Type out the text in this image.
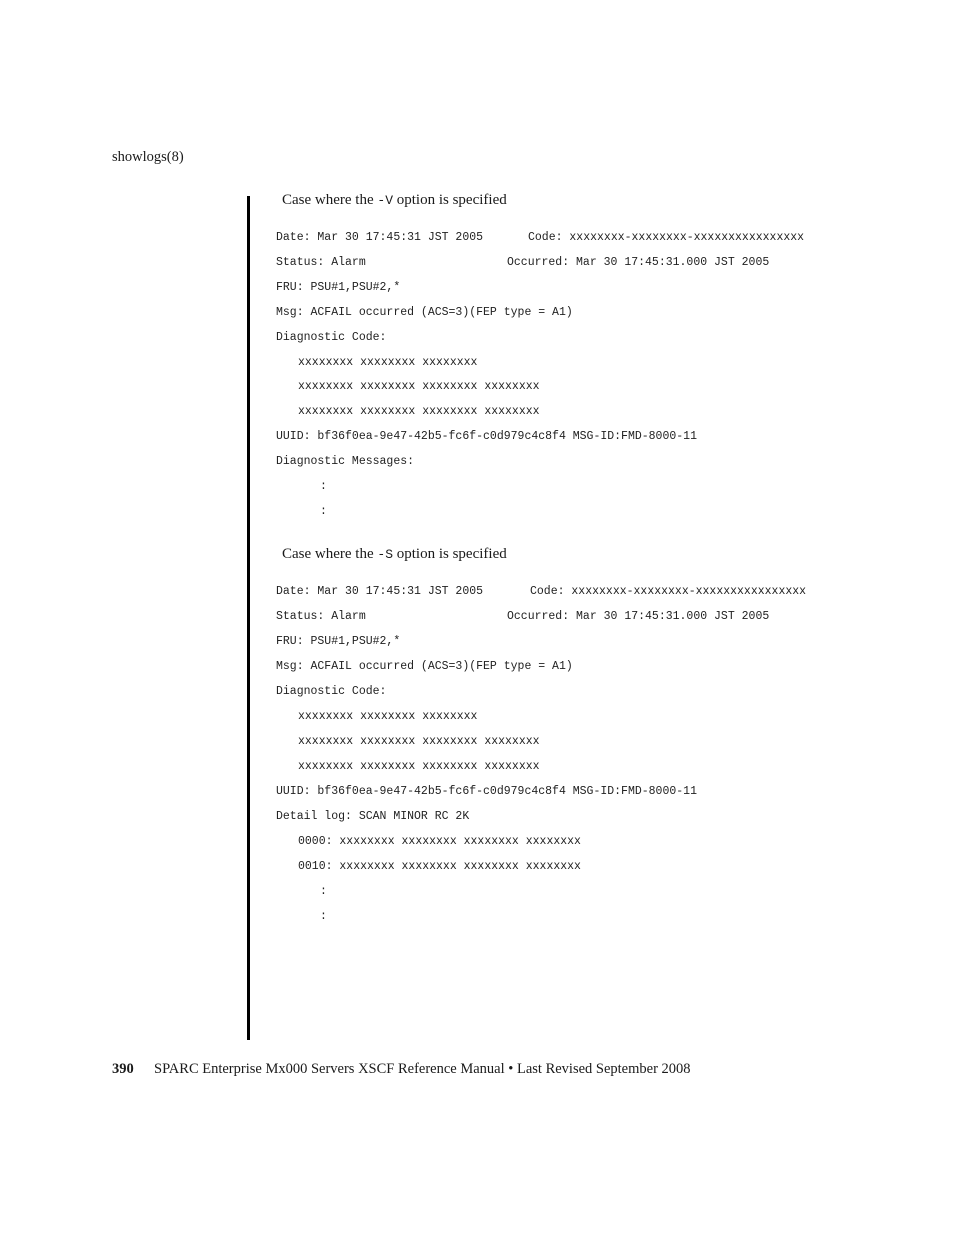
showlogs(8)
Case where the -V option is specified
Date: Mar 30 17:45:31 JST 2005	Code: xxxxxxxx-xxxxxxxx-xxxxxxxxxxxxxxxx
Status: Alarm	Occurred: Mar 30 17:45:31.000 JST 2005
FRU: PSU#1,PSU#2,*
Msg: ACFAIL occurred (ACS=3)(FEP type = A1)
Diagnostic Code:
xxxxxxxx xxxxxxxx xxxxxxxx
xxxxxxxx xxxxxxxx xxxxxxxx xxxxxxxx
xxxxxxxx xxxxxxxx xxxxxxxx xxxxxxxx
UUID: bf36f0ea-9e47-42b5-fc6f-c0d979c4c8f4 MSG-ID:FMD-8000-11
Diagnostic Messages:
:
:
Case where the -S option is specified
Date: Mar 30 17:45:31 JST 2005	Code: xxxxxxxx-xxxxxxxx-xxxxxxxxxxxxxxxx
Status: Alarm	Occurred: Mar 30 17:45:31.000 JST 2005
FRU: PSU#1,PSU#2,*
Msg: ACFAIL occurred (ACS=3)(FEP type = A1)
Diagnostic Code:
xxxxxxxx xxxxxxxx xxxxxxxx
xxxxxxxx xxxxxxxx xxxxxxxx xxxxxxxx
xxxxxxxx xxxxxxxx xxxxxxxx xxxxxxxx
UUID: bf36f0ea-9e47-42b5-fc6f-c0d979c4c8f4 MSG-ID:FMD-8000-11
Detail log: SCAN MINOR RC 2K
0000: xxxxxxxx xxxxxxxx xxxxxxxx xxxxxxxx
0010: xxxxxxxx xxxxxxxx xxxxxxxx xxxxxxxx
:
:
390 SPARC Enterprise Mx000 Servers XSCF Reference Manual • Last Revised September 2008
